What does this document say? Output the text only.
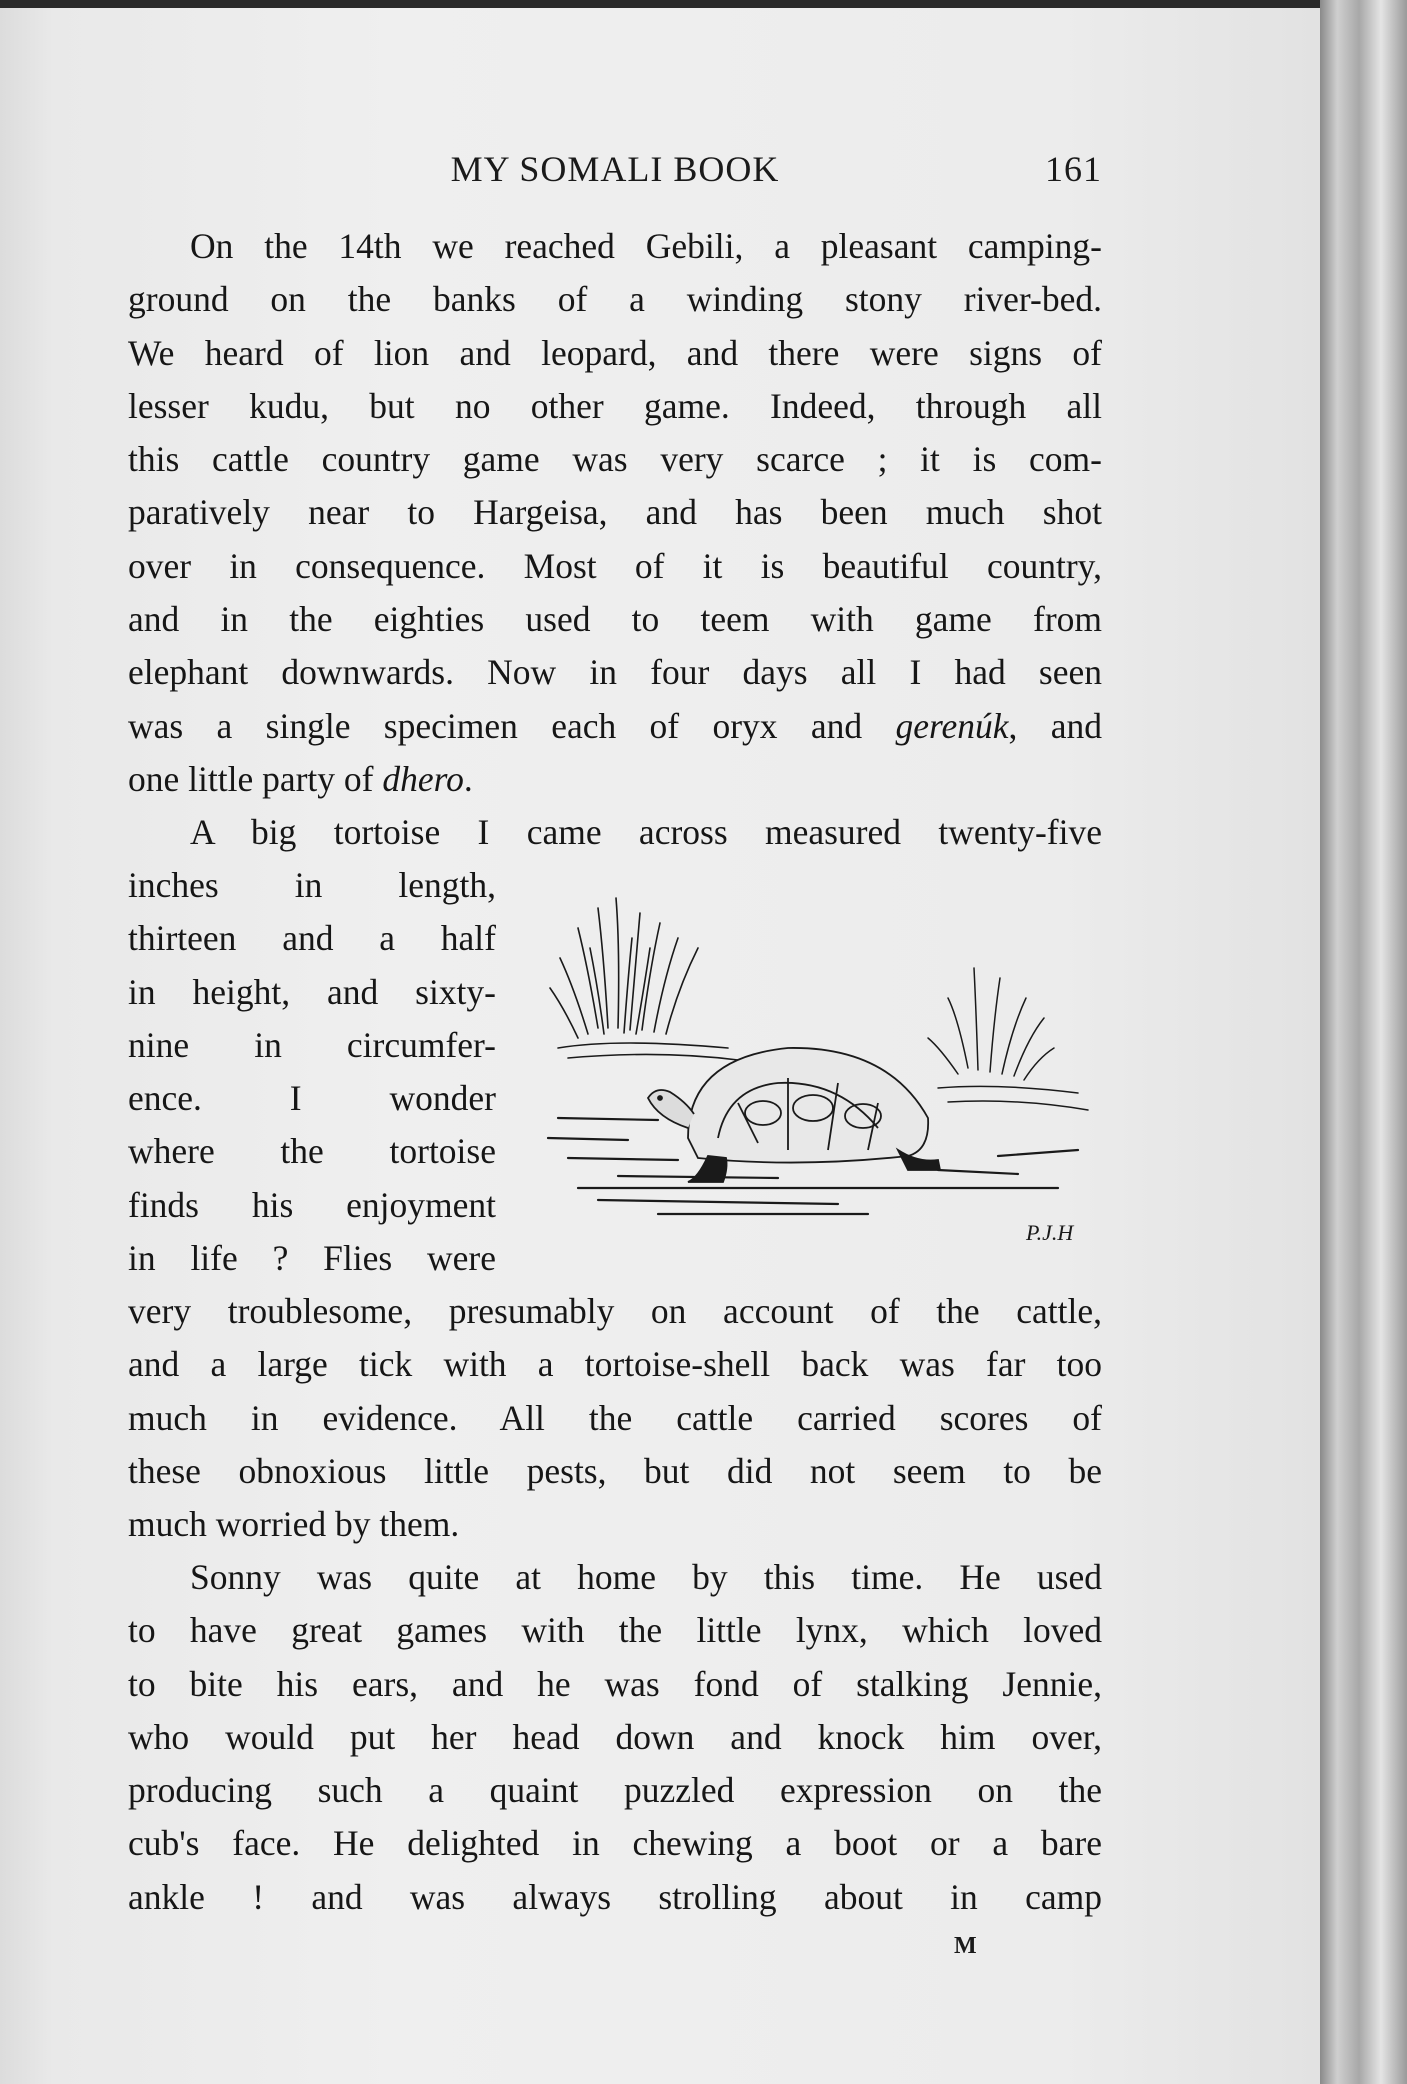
MY SOMALI BOOK	161
On the 14th we reached Gebili, a pleasant camping-
ground on the banks of a winding stony river-bed.
We heard of lion and leopard, and there were signs of
lesser kudu, but no other game. Indeed, through all
this cattle country game was very scarce ; it is com-
paratively near to Hargeisa, and has been much shot
over in consequence. Most of it is beautiful country,
and in the eighties used to teem with game from
elephant downwards. Now in four days all I had seen
was a single specimen each of oryx and gerenúk, and
one little party of dhero.
A big tortoise I came across measured twenty-five
inches in length,
thirteen and a half
in height, and sixty-
nine in circumfer-
ence. I wonder
where the tortoise
finds his enjoyment
in life ? Flies were
P.J.H
very troublesome, presumably on account of the cattle,
and a large tick with a tortoise-shell back was far too
much in evidence. All the cattle carried scores of
these obnoxious little pests, but did not seem to be
much worried by them.
Sonny was quite at home by this time. He used
to have great games with the little lynx, which loved
to bite his ears, and he was fond of stalking Jennie,
who would put her head down and knock him over,
producing such a quaint puzzled expression on the
cub's face. He delighted in chewing a boot or a bare
ankle ! and was always strolling about in camp
M
